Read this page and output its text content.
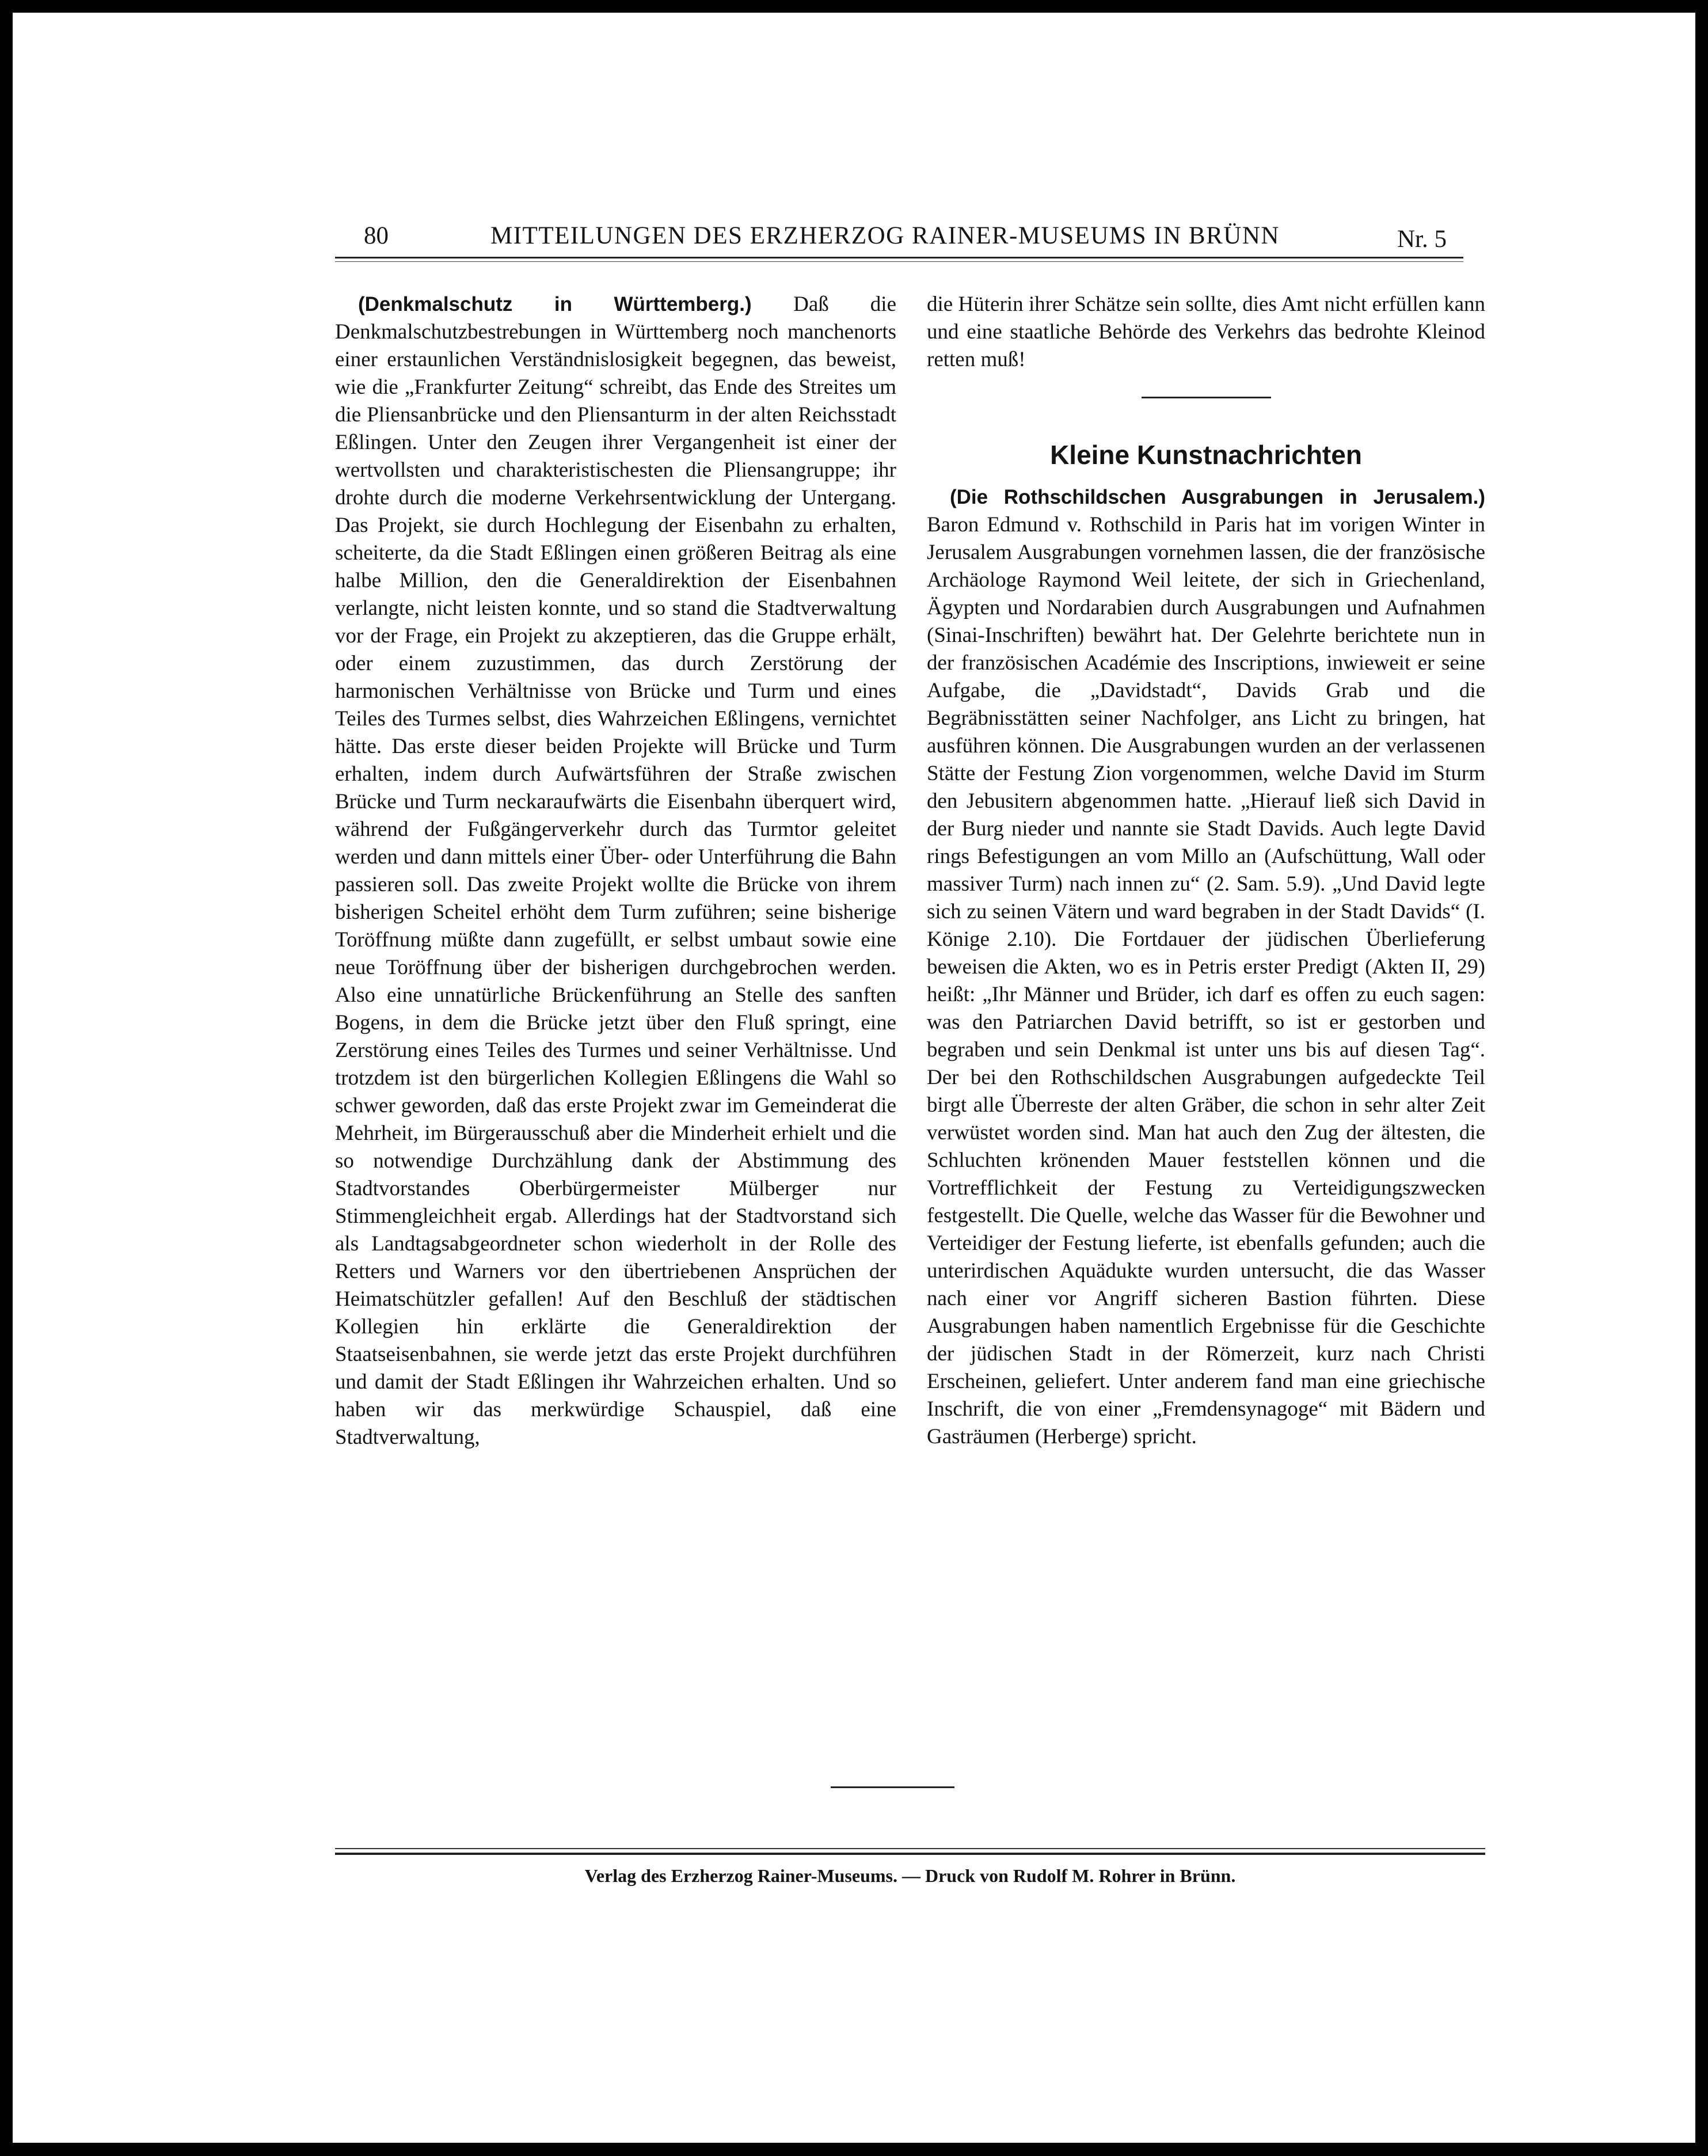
80	MITTEILUNGEN DES ERZHERZOG RAINER-MUSEUMS IN BRÜNN	Nr. 5

(Denkmalschutz in Württemberg.) Daß die Denkmalschutzbestrebungen in Württemberg noch manchenorts einer erstaunlichen Verständnislosigkeit begegnen, das beweist, wie die „Frankfurter Zeitung“ schreibt, das Ende des Streites um die Pliensanbrücke und den Pliensanturm in der alten Reichsstadt Eßlingen. Unter den Zeugen ihrer Vergangenheit ist einer der wertvollsten und charakteristischesten die Pliensangruppe; ihr drohte durch die moderne Verkehrsentwicklung der Untergang. Das Projekt, sie durch Hochlegung der Eisenbahn zu erhalten, scheiterte, da die Stadt Eßlingen einen größeren Beitrag als eine halbe Million, den die Generaldirektion der Eisenbahnen verlangte, nicht leisten konnte, und so stand die Stadtverwaltung vor der Frage, ein Projekt zu akzeptieren, das die Gruppe erhält, oder einem zuzustimmen, das durch Zerstörung der harmonischen Verhältnisse von Brücke und Turm und eines Teiles des Turmes selbst, dies Wahrzeichen Eßlingens, vernichtet hätte. Das erste dieser beiden Projekte will Brücke und Turm erhalten, indem durch Aufwärtsführen der Straße zwischen Brücke und Turm neckaraufwärts die Eisenbahn überquert wird, während der Fußgängerverkehr durch das Turmtor geleitet werden und dann mittels einer Über- oder Unterführung die Bahn passieren soll. Das zweite Projekt wollte die Brücke von ihrem bisherigen Scheitel erhöht dem Turm zuführen; seine bisherige Toröffnung müßte dann zugefüllt, er selbst umbaut sowie eine neue Toröffnung über der bisherigen durchgebrochen werden. Also eine unnatürliche Brückenführung an Stelle des sanften Bogens, in dem die Brücke jetzt über den Fluß springt, eine Zerstörung eines Teiles des Turmes und seiner Verhältnisse. Und trotzdem ist den bürgerlichen Kollegien Eßlingens die Wahl so schwer geworden, daß das erste Projekt zwar im Gemeinderat die Mehrheit, im Bürgerausschuß aber die Minderheit erhielt und die so notwendige Durchzählung dank der Abstimmung des Stadtvorstandes Oberbürgermeister Mülberger nur Stimmengleichheit ergab. Allerdings hat der Stadtvorstand sich als Landtagsabgeordneter schon wiederholt in der Rolle des Retters und Warners vor den übertriebenen Ansprüchen der Heimatschützler gefallen! Auf den Beschluß der städtischen Kollegien hin erklärte die Generaldirektion der Staatseisenbahnen, sie werde jetzt das erste Projekt durchführen und damit der Stadt Eßlingen ihr Wahrzeichen erhalten. Und so haben wir das merkwürdige Schauspiel, daß eine Stadtverwaltung,

die Hüterin ihrer Schätze sein sollte, dies Amt nicht erfüllen kann und eine staatliche Behörde des Verkehrs das bedrohte Kleinod retten muß!

Kleine Kunstnachrichten

(Die Rothschildschen Ausgrabungen in Jerusalem.) Baron Edmund v. Rothschild in Paris hat im vorigen Winter in Jerusalem Ausgrabungen vornehmen lassen, die der französische Archäologe Raymond Weil leitete, der sich in Griechenland, Ägypten und Nordarabien durch Ausgrabungen und Aufnahmen (Sinai-Inschriften) bewährt hat. Der Gelehrte berichtete nun in der französischen Académie des Inscriptions, inwieweit er seine Aufgabe, die „Davidstadt“, Davids Grab und die Begräbnisstätten seiner Nachfolger, ans Licht zu bringen, hat ausführen können. Die Ausgrabungen wurden an der verlassenen Stätte der Festung Zion vorgenommen, welche David im Sturm den Jebusitern abgenommen hatte. „Hierauf ließ sich David in der Burg nieder und nannte sie Stadt Davids. Auch legte David rings Befestigungen an vom Millo an (Aufschüttung, Wall oder massiver Turm) nach innen zu“ (2. Sam. 5.9). „Und David legte sich zu seinen Vätern und ward begraben in der Stadt Davids“ (I. Könige 2.10). Die Fortdauer der jüdischen Überlieferung beweisen die Akten, wo es in Petris erster Predigt (Akten II, 29) heißt: „Ihr Männer und Brüder, ich darf es offen zu euch sagen: was den Patriarchen David betrifft, so ist er gestorben und begraben und sein Denkmal ist unter uns bis auf diesen Tag“. Der bei den Rothschildschen Ausgrabungen aufgedeckte Teil birgt alle Überreste der alten Gräber, die schon in sehr alter Zeit verwüstet worden sind. Man hat auch den Zug der ältesten, die Schluchten krönenden Mauer feststellen können und die Vortrefflichkeit der Festung zu Verteidigungszwecken festgestellt. Die Quelle, welche das Wasser für die Bewohner und Verteidiger der Festung lieferte, ist ebenfalls gefunden; auch die unterirdischen Aquädukte wurden untersucht, die das Wasser nach einer vor Angriff sicheren Bastion führten. Diese Ausgrabungen haben namentlich Ergebnisse für die Geschichte der jüdischen Stadt in der Römerzeit, kurz nach Christi Erscheinen, geliefert. Unter anderem fand man eine griechische Inschrift, die von einer „Fremdensynagoge“ mit Bädern und Gasträumen (Herberge) spricht.

Verlag des Erzherzog Rainer-Museums. — Druck von Rudolf M. Rohrer in Brünn.
